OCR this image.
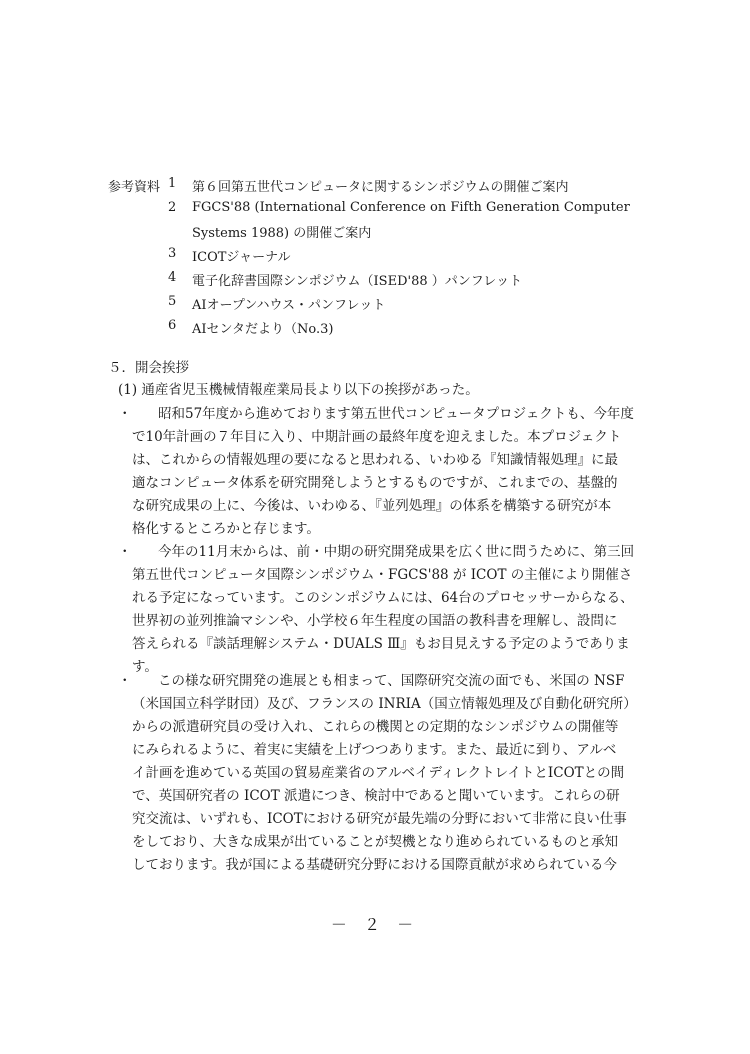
参考資料 1 第６回第五世代コンピュータに関するシンポジウムの開催ご案内
2 FGCS'88 (International Conference on Fifth Generation Computer
Systems 1988) の開催ご案内
3 ICOTジャーナル
4 電子化辞書国際シンポジウム（ISED'88 ）パンフレット
5 AIオープンハウス・パンフレット
6 AIセンタだより（No.3)
５．開会挨拶
(1) 通産省児玉機械情報産業局長より以下の挨拶があった。
・ 昭和57年度から進めております第五世代コンピュータプロジェクトも、今年度
で10年計画の７年目に入り、中期計画の最終年度を迎えました。本プロジェクト
は、これからの情報処理の要になると思われる、いわゆる『知識情報処理』に最
適なコンピュータ体系を研究開発しようとするものですが、これまでの、基盤的
な研究成果の上に、今後は、いわゆる、『並列処理』の体系を構築する研究が本
格化するところかと存じます。
・ 今年の11月末からは、前・中期の研究開発成果を広く世に問うために、第三回
第五世代コンピュータ国際シンポジウム・FGCS'88 が ICOT の主催により開催さ
れる予定になっています。このシンポジウムには、64台のプロセッサーからなる、
世界初の並列推論マシンや、小学校６年生程度の国語の教科書を理解し、設問に
答えられる『談話理解システム・DUALS Ⅲ』もお目見えする予定のようでありま
す。
・ この様な研究開発の進展とも相まって、国際研究交流の面でも、米国の NSF
（米国国立科学財団）及び、フランスの INRIA（国立情報処理及び自動化研究所）
からの派遣研究員の受け入れ、これらの機関との定期的なシンポジウムの開催等
にみられるように、着実に実績を上げつつあります。また、最近に到り、アルベ
イ計画を進めている英国の貿易産業省のアルベイディレクトレイトとICOTとの間
で、英国研究者の ICOT 派遣につき、検討中であると聞いています。これらの研
究交流は、いずれも、ICOTにおける研究が最先端の分野において非常に良い仕事
をしており、大きな成果が出ていることが契機となり進められているものと承知
しております。我が国による基礎研究分野における国際貢献が求められている今
－ ２ －
